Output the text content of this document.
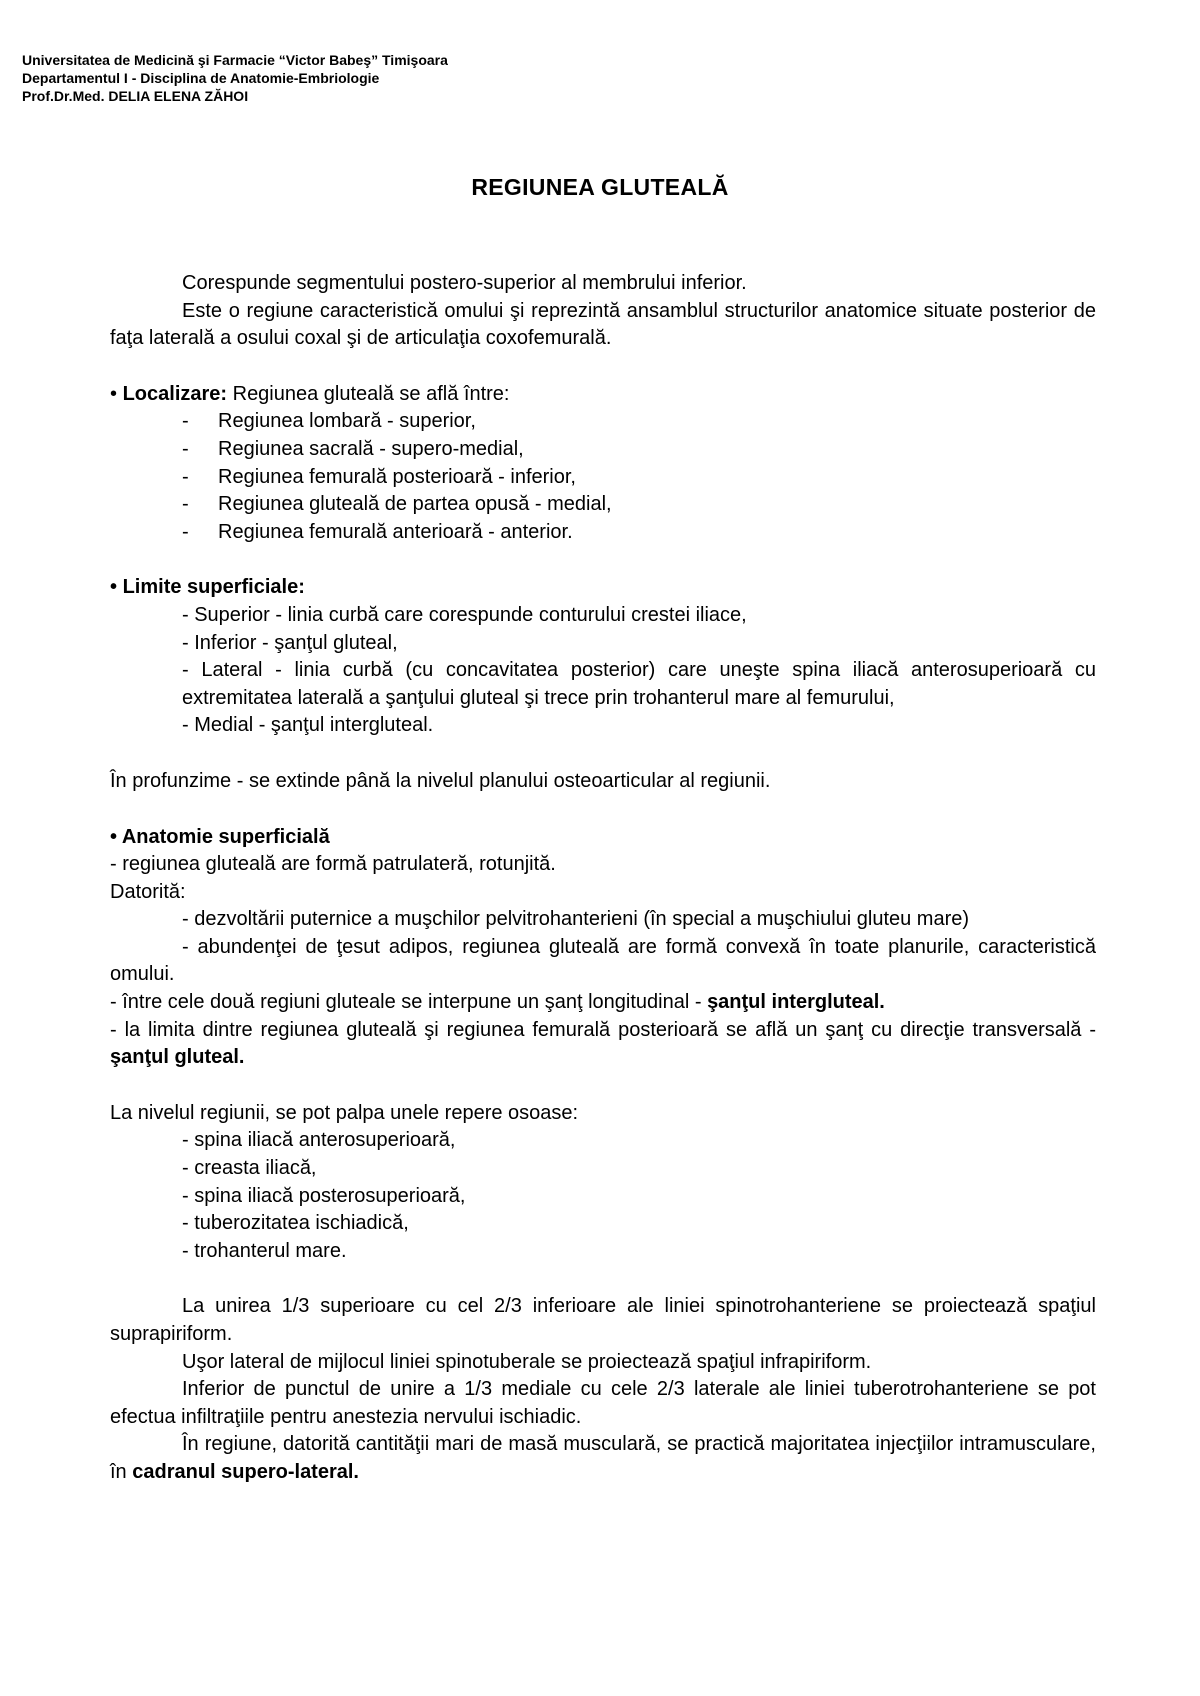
Universitatea de Medicină şi Farmacie “Victor Babeş” Timişoara
Departamentul I - Disciplina de Anatomie-Embriologie
Prof.Dr.Med. DELIA ELENA ZĂHOI
REGIUNEA GLUTEALĂ

Corespunde segmentului postero-superior al membrului inferior.

Este o regiune caracteristică omului şi reprezintă ansamblul structurilor anatomice situate posterior de faţa laterală a osului coxal şi de articulaţia coxofemurală.

• Localizare: Regiunea gluteală se află între:

- Regiunea lombară - superior,
- Regiunea sacrală - supero-medial,
- Regiunea femurală posterioară - inferior,
- Regiunea gluteală de partea opusă - medial,
- Regiunea femurală anterioară - anterior.

• Limite superficiale:

- Superior - linia curbă care corespunde conturului crestei iliace,

- Inferior - şanţul gluteal,

- Lateral - linia curbă (cu concavitatea posterior) care uneşte spina iliacă anterosuperioară cu extremitatea laterală a şanţului gluteal şi trece prin trohanterul mare al femurului,

- Medial - şanţul intergluteal.

În profunzime - se extinde până la nivelul planului osteoarticular al regiunii.

• Anatomie superficială

- regiunea gluteală are formă patrulateră, rotunjită.

Datorită:

- dezvoltării puternice a muşchilor pelvitrohanterieni (în special a muşchiului gluteu mare)

- abundenţei de ţesut adipos, regiunea gluteală are formă convexă în toate planurile, caracteristică omului.

- între cele două regiuni gluteale se interpune un şanţ longitudinal - şanţul intergluteal.

- la limita dintre regiunea gluteală şi regiunea femurală posterioară se află un şanţ cu direcţie transversală - şanţul gluteal.

La nivelul regiunii, se pot palpa unele repere osoase:

- spina iliacă anterosuperioară,

- creasta iliacă,

- spina iliacă posterosuperioară,

- tuberozitatea ischiadică,

- trohanterul mare.

La unirea 1/3 superioare cu cel 2/3 inferioare ale liniei spinotrohanteriene se proiectează spaţiul suprapiriform.

Uşor lateral de mijlocul liniei spinotuberale se proiectează spaţiul infrapiriform.

Inferior de punctul de unire a 1/3 mediale cu cele 2/3 laterale ale liniei tuberotrohanteriene se pot efectua infiltraţiile pentru anestezia nervului ischiadic.

În regiune, datorită cantităţii mari de masă musculară, se practică majoritatea injecţiilor intramusculare, în cadranul supero-lateral.
